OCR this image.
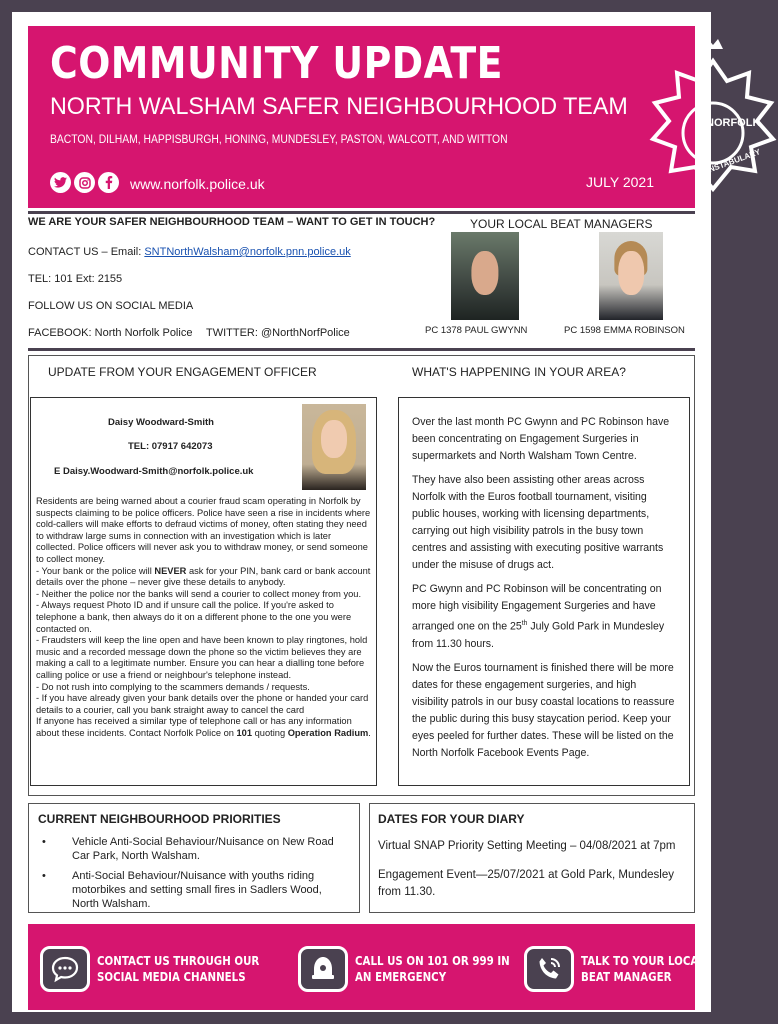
COMMUNITY UPDATE
NORTH WALSHAM SAFER NEIGHBOURHOOD TEAM
BACTON, DILHAM, HAPPISBURGH, HONING, MUNDESLEY, PASTON, WALCOTT, AND WITTON
www.norfolk.police.uk	JULY 2021
NORFOLK
CONSTABULARY
WE ARE YOUR SAFER NEIGHBOURHOOD TEAM – WANT TO GET IN TOUCH?
CONTACT US – Email: SNTNorthWalsham@norfolk.pnn.police.uk
TEL: 101 Ext: 2155
FOLLOW US ON SOCIAL MEDIA
FACEBOOK: North Norfolk Police TWITTER: @NorthNorfPolice
YOUR LOCAL BEAT MANAGERS
PC 1378 PAUL GWYNN	PC 1598 EMMA ROBINSON
UPDATE FROM YOUR ENGAGEMENT OFFICER	WHAT'S HAPPENING IN YOUR AREA?
Daisy Woodward-Smith
TEL: 07917 642073
E Daisy.Woodward-Smith@norfolk.police.uk

Residents are being warned about a courier fraud scam operating in Norfolk by suspects claiming to be police officers. Police have seen a rise in incidents where cold-callers will make efforts to defraud victims of money, often stating they need to withdraw large sums in connection with an investigation which is later collected. Police officers will never ask you to withdraw money, or send someone to collect money.

- Your bank or the police will NEVER ask for your PIN, bank card or bank account details over the phone – never give these details to anybody.

- Neither the police nor the banks will send a courier to collect money from you.

- Always request Photo ID and if unsure call the police. If you're asked to telephone a bank, then always do it on a different phone to the one you were contacted on.

- Fraudsters will keep the line open and have been known to play ringtones, hold music and a recorded message down the phone so the victim believes they are making a call to a legitimate number. Ensure you can hear a dialling tone before calling police or use a friend or neighbour's telephone instead.

- Do not rush into complying to the scammers demands / requests.

- If you have already given your bank details over the phone or handed your card details to a courier, call you bank straight away to cancel the card

If anyone has received a similar type of telephone call or has any information about these incidents. Contact Norfolk Police on 101 quoting Operation Radium.

Over the last month PC Gwynn and PC Robinson have been concentrating on Engagement Surgeries in supermarkets and North Walsham Town Centre.

They have also been assisting other areas across Norfolk with the Euros football tournament, visiting public houses, working with licensing departments, carrying out high visibility patrols in the busy town centres and assisting with executing positive warrants under the misuse of drugs act.

PC Gwynn and PC Robinson will be concentrating on more high visibility Engagement Surgeries and have arranged one on the 25th July Gold Park in Mundesley from 11.30 hours.

Now the Euros tournament is finished there will be more dates for these engagement surgeries, and high visibility patrols in our busy coastal locations to reassure the public during this busy staycation period. Keep your eyes peeled for further dates. These will be listed on the North Norfolk Facebook Events Page.

CURRENT NEIGHBOURHOOD PRIORITIES
• Vehicle Anti-Social Behaviour/Nuisance on New Road Car Park, North Walsham.
• Anti-Social Behaviour/Nuisance with youths riding motorbikes and setting small fires in Sadlers Wood, North Walsham.
DATES FOR YOUR DIARY
Virtual SNAP Priority Setting Meeting – 04/08/2021 at 7pm
Engagement Event—25/07/2021 at Gold Park, Mundesley from 11.30.
CONTACT US THROUGH OUR
SOCIAL MEDIA CHANNELS
CALL US ON 101 OR 999 IN
AN EMERGENCY
TALK TO YOUR LOCAL
BEAT MANAGER
